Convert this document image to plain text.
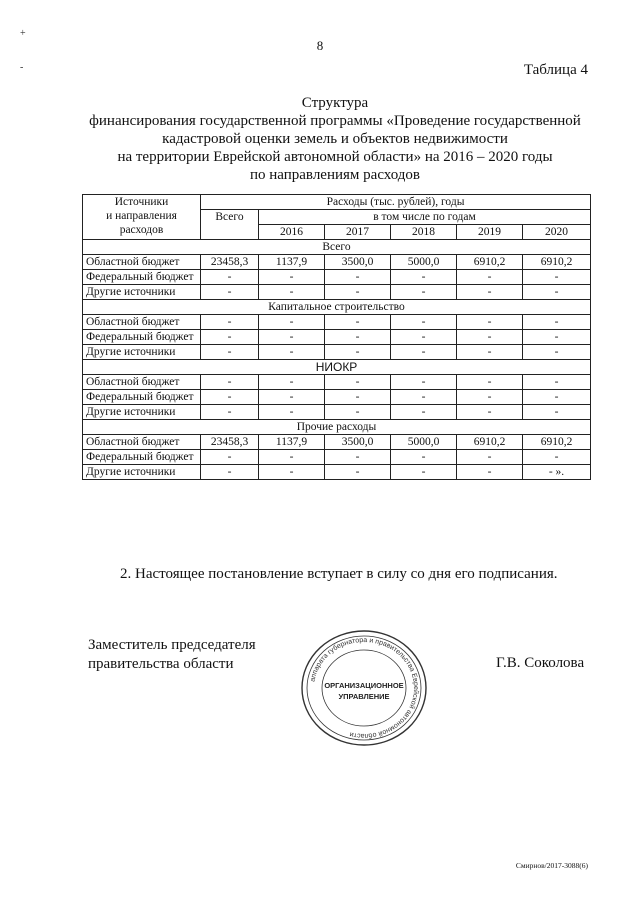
+
-
8
Таблица 4
Структура
финансирования государственной программы «Проведение государственной
кадастровой оценки земель и объектов недвижимости
на территории Еврейской автономной области» на 2016 – 2020 годы
по направлениям расходов
Источники
и направления
расходов	Расходы (тыс. рублей), годы					
	Всего	в том числе по годам				
		2016	2017	2018	2019	2020
Всего						
Областной бюджет	23458,3	1137,9	3500,0	5000,0	6910,2	6910,2
Федеральный бюджет	-	-	-	-	-	-
Другие источники	-	-	-	-	-	-
Капитальное строительство						
Областной бюджет	-	-	-	-	-	-
Федеральный бюджет	-	-	-	-	-	-
Другие источники	-	-	-	-	-	-
НИОКР						
Областной бюджет	-	-	-	-	-	-
Федеральный бюджет	-	-	-	-	-	-
Другие источники	-	-	-	-	-	-
Прочие расходы						
Областной бюджет	23458,3	1137,9	3500,0	5000,0	6910,2	6910,2
Федеральный бюджет	-	-	-	-	-	-
Другие источники	-	-	-	-	-	- ».
2. Настоящее постановление вступает в силу со дня его подписания.
Заместитель председателя
правительства области	Г.В. Соколова
аппарата губернатора и правительства Еврейской автономной области
ОРГАНИЗАЦИОННОЕ
УПРАВЛЕНИЕ
Смирнов/2017-3088(6)
